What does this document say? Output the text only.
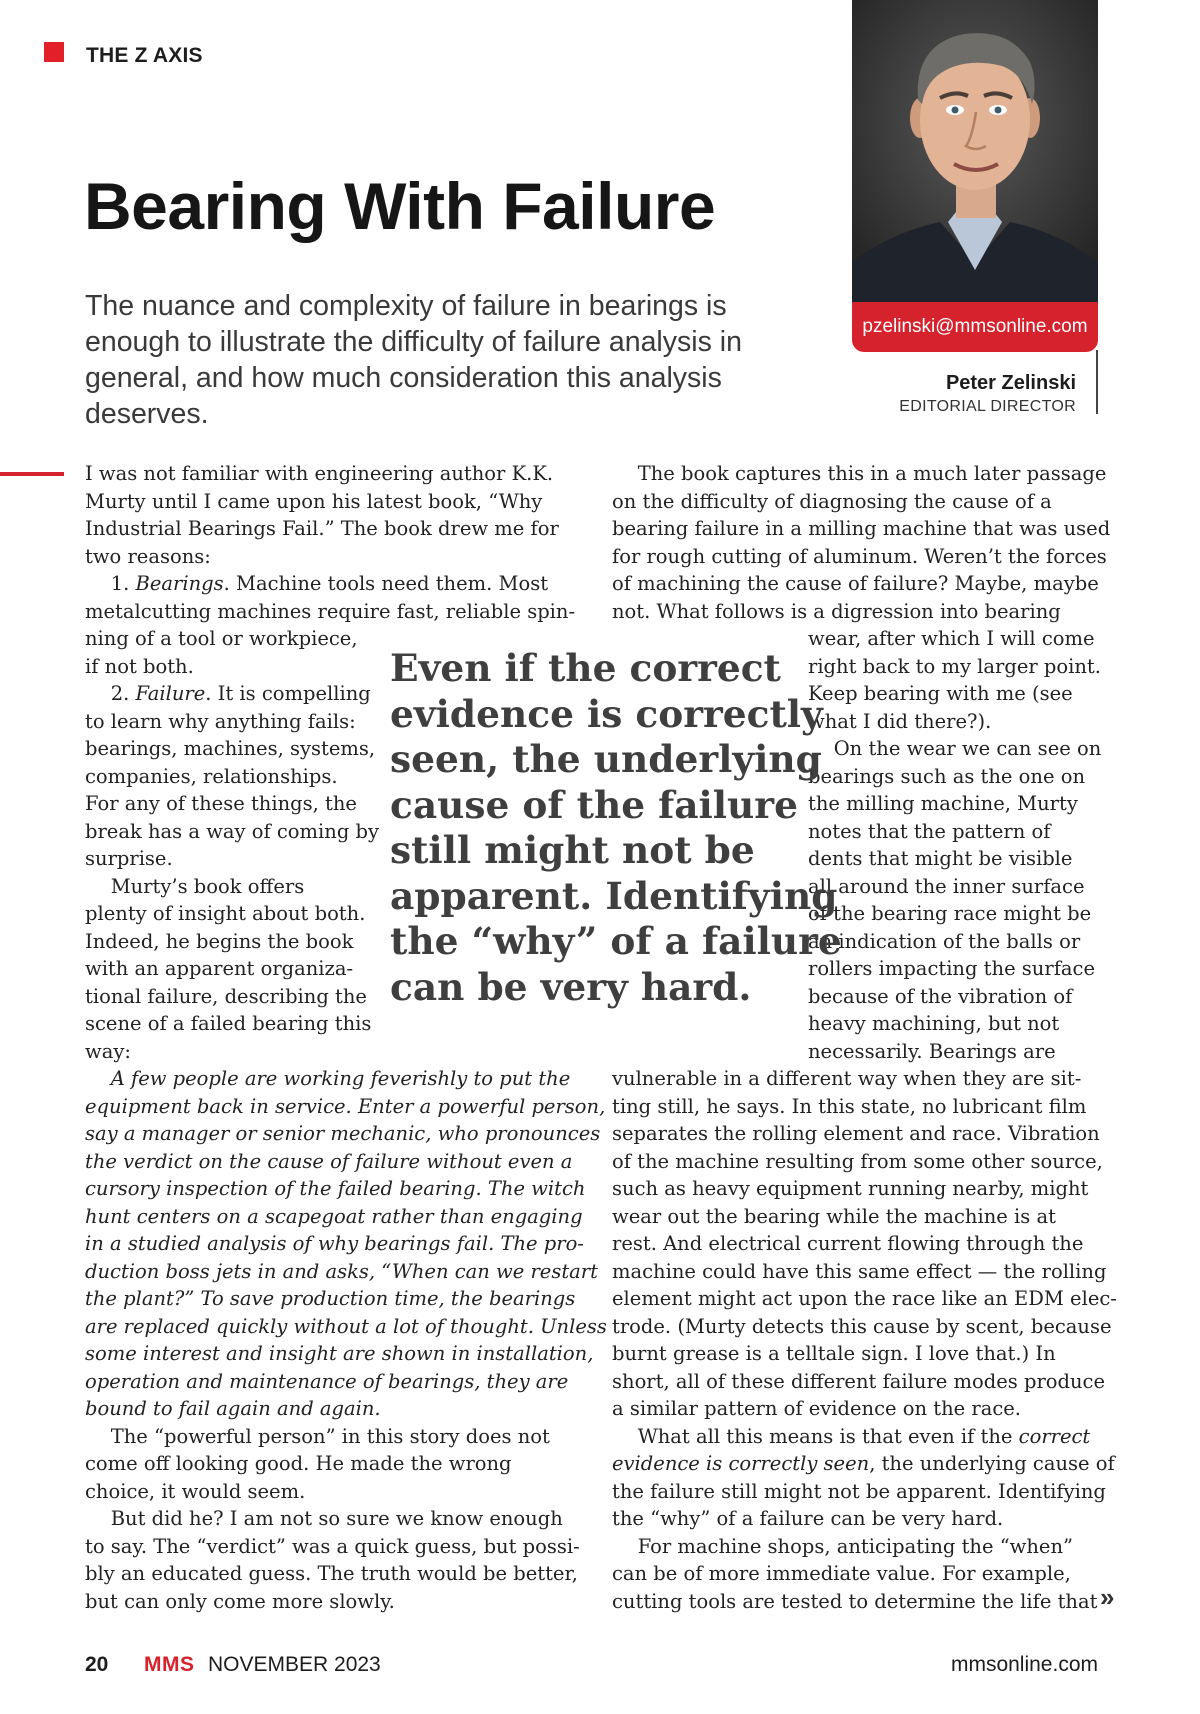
THE Z AXIS
Bearing With Failure

The nuance and complexity of failure in bearings is enough to illustrate the difficulty of failure analysis in general, and how much consideration this analysis deserves.

pzelinski@mmsonline.com
Peter Zelinski
EDITORIAL DIRECTOR
I was not familiar with engineering author K.K.
Murty until I came upon his latest book, “Why
Industrial Bearings Fail.” The book drew me for
two reasons:
  1. Bearings. Machine tools need them. Most
metalcutting machines require fast, reliable spin-
ning of a tool or workpiece,
if not both.
  2. Failure. It is compelling
to learn why anything fails:
bearings, machines, systems,
companies, relationships.
For any of these things, the
break has a way of coming by
surprise.
  Murty’s book offers
plenty of insight about both.
Indeed, he begins the book
with an apparent organiza-
tional failure, describing the
scene of a failed bearing this
way:
  A few people are working feverishly to put the
equipment back in service. Enter a powerful person,
say a manager or senior mechanic, who pronounces
the verdict on the cause of failure without even a
cursory inspection of the failed bearing. The witch
hunt centers on a scapegoat rather than engaging
in a studied analysis of why bearings fail. The pro-
duction boss jets in and asks, “When can we restart
the plant?” To save production time, the bearings
are replaced quickly without a lot of thought. Unless
some interest and insight are shown in installation,
operation and maintenance of bearings, they are
bound to fail again and again.
  The “powerful person” in this story does not
come off looking good. He made the wrong
choice, it would seem.
  But did he? I am not so sure we know enough
to say. The “verdict” was a quick guess, but possi-
bly an educated guess. The truth would be better,
but can only come more slowly.
  The book captures this in a much later passage
on the difficulty of diagnosing the cause of a
bearing failure in a milling machine that was used
for rough cutting of aluminum. Weren’t the forces
of machining the cause of failure? Maybe, maybe
not. What follows is a digression into bearing
wear, after which I will come
right back to my larger point.
Keep bearing with me (see
what I did there?).
  On the wear we can see on
bearings such as the one on
the milling machine, Murty
notes that the pattern of
dents that might be visible
all around the inner surface
of the bearing race might be
an indication of the balls or
rollers impacting the surface
because of the vibration of
heavy machining, but not
necessarily. Bearings are
vulnerable in a different way when they are sit-
ting still, he says. In this state, no lubricant film
separates the rolling element and race. Vibration
of the machine resulting from some other source,
such as heavy equipment running nearby, might
wear out the bearing while the machine is at
rest. And electrical current flowing through the
machine could have this same effect — the rolling
element might act upon the race like an EDM elec-
trode. (Murty detects this cause by scent, because
burnt grease is a telltale sign. I love that.) In
short, all of these different failure modes produce
a similar pattern of evidence on the race.
  What all this means is that even if the correct
evidence is correctly seen, the underlying cause of
the failure still might not be apparent. Identifying
the “why” of a failure can be very hard.
  For machine shops, anticipating the “when”
can be of more immediate value. For example,
cutting tools are tested to determine the life that

Even if the correct
evidence is correctly
seen, the underlying
cause of the failure
still might not be
apparent. Identifying
the “why” of a failure
can be very hard.

»
20 MMS NOVEMBER 2023	mmsonline.com
